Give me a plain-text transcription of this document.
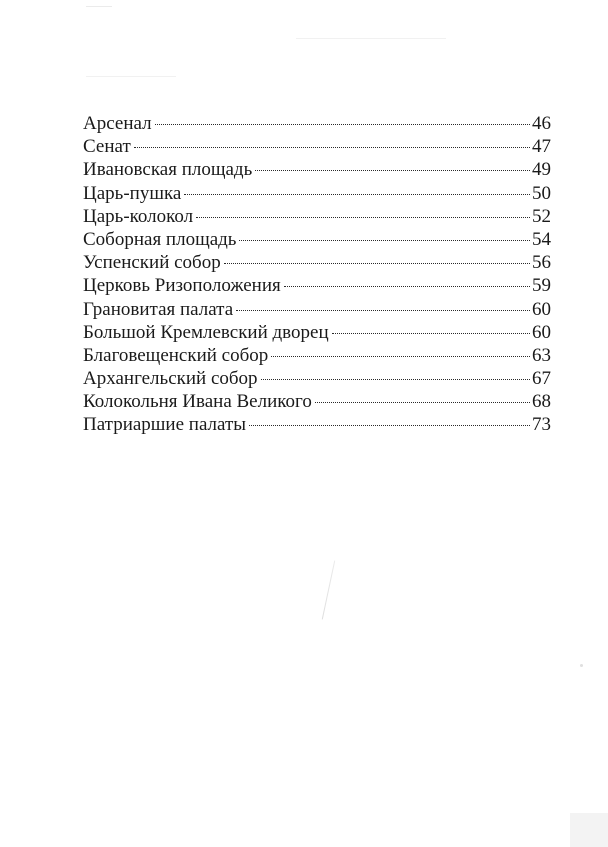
Арсенал	46
Сенат	47
Ивановская площадь	49
Царь-пушка	50
Царь-колокол	52
Соборная площадь	54
Успенский собор	56
Церковь Ризоположения	59
Грановитая палата	60
Большой Кремлевский дворец	60
Благовещенский собор	63
Архангельский собор	67
Колокольня Ивана Великого	68
Патриаршие палаты	73
